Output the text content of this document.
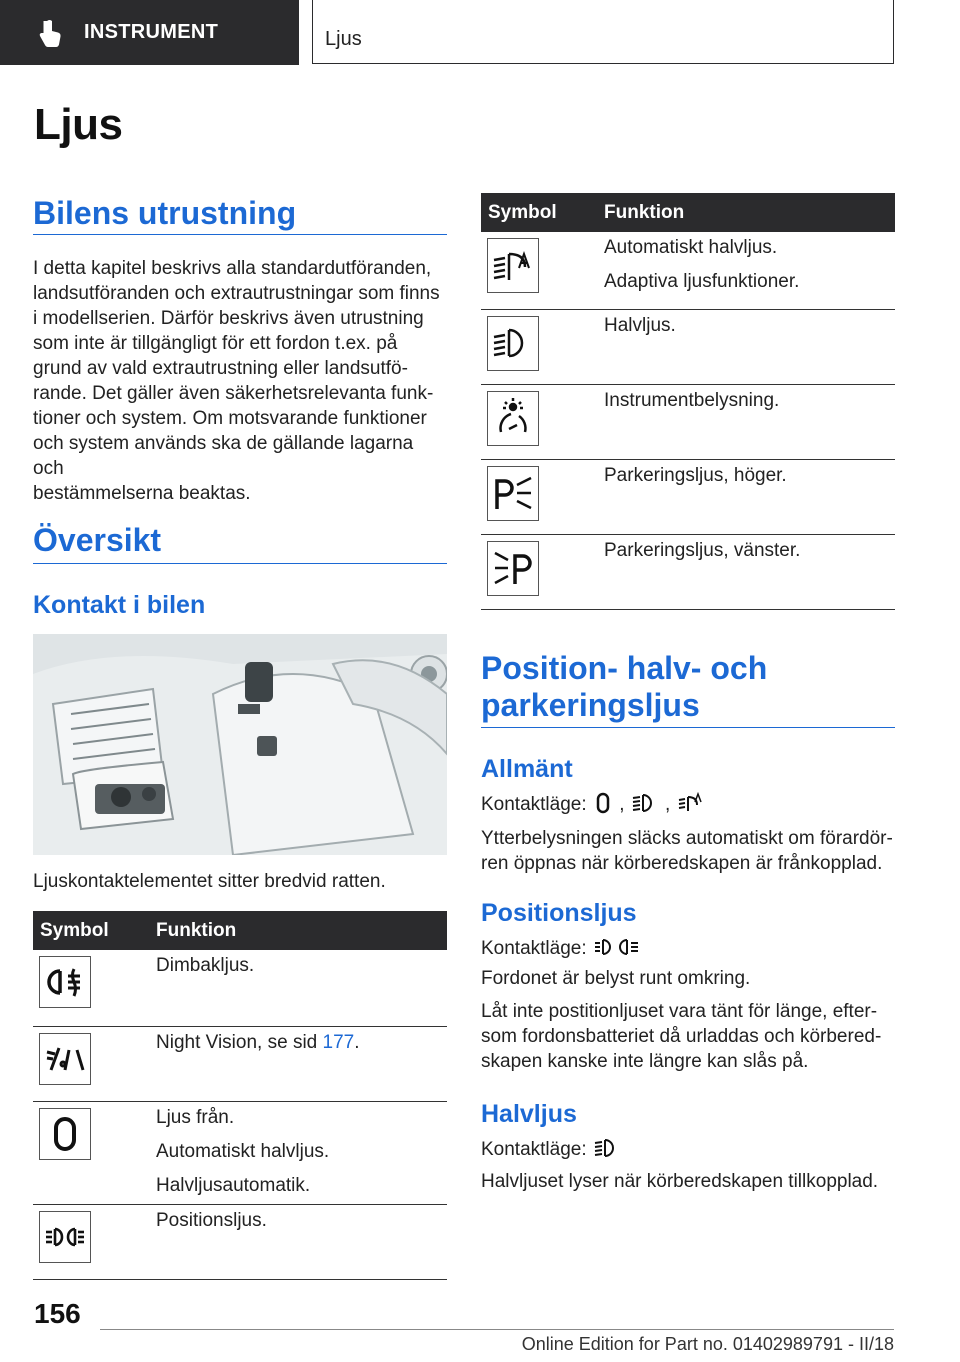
INSTRUMENT	Ljus
Ljus
Bilens utrustning
I detta kapitel beskrivs alla standardutföranden,
landsutföranden och extrautrustningar som finns
i modellserien. Därför beskrivs även utrustning
som inte är tillgängligt för ett fordon t.ex. på
grund av vald extrautrustning eller landsutfö-
rande. Det gäller även säkerhetsrelevanta funk-
tioner och system. Om motsvarande funktioner
och system används ska de gällande lagarna och
bestämmelserna beaktas.
Översikt
Kontakt i bilen

Ljuskontaktelementet sitter bredvid ratten.

Symbol	Funktion

Dimbakljus.

Night Vision, se sid 177.

Ljus från.
Automatiskt halvljus.
Halvljusautomatik.

Positionsljus.
Symbol	Funktion

Automatiskt halvljus.
Adaptiva ljusfunktioner.

Halvljus.

Instrumentbelysning.

Parkeringsljus, höger.

Parkeringsljus, vänster.
Position- halv- och
parkeringsljus
Allmänt
Kontaktläge: , ,
Ytterbelysningen släcks automatiskt om förardör-
ren öppnas när körberedskapen är frånkopplad.
Positionsljus
Kontaktläge:

Fordonet är belyst runt omkring.

Låt inte postitionljuset vara tänt för länge, efter-
som fordonsbatteriet då urladdas och körbered-
skapen kanske inte längre kan slås på.
Halvljus
Kontaktläge:

Halvljuset lyser när körberedskapen tillkopplad.

156
Online Edition for Part no. 01402989791 - II/18
